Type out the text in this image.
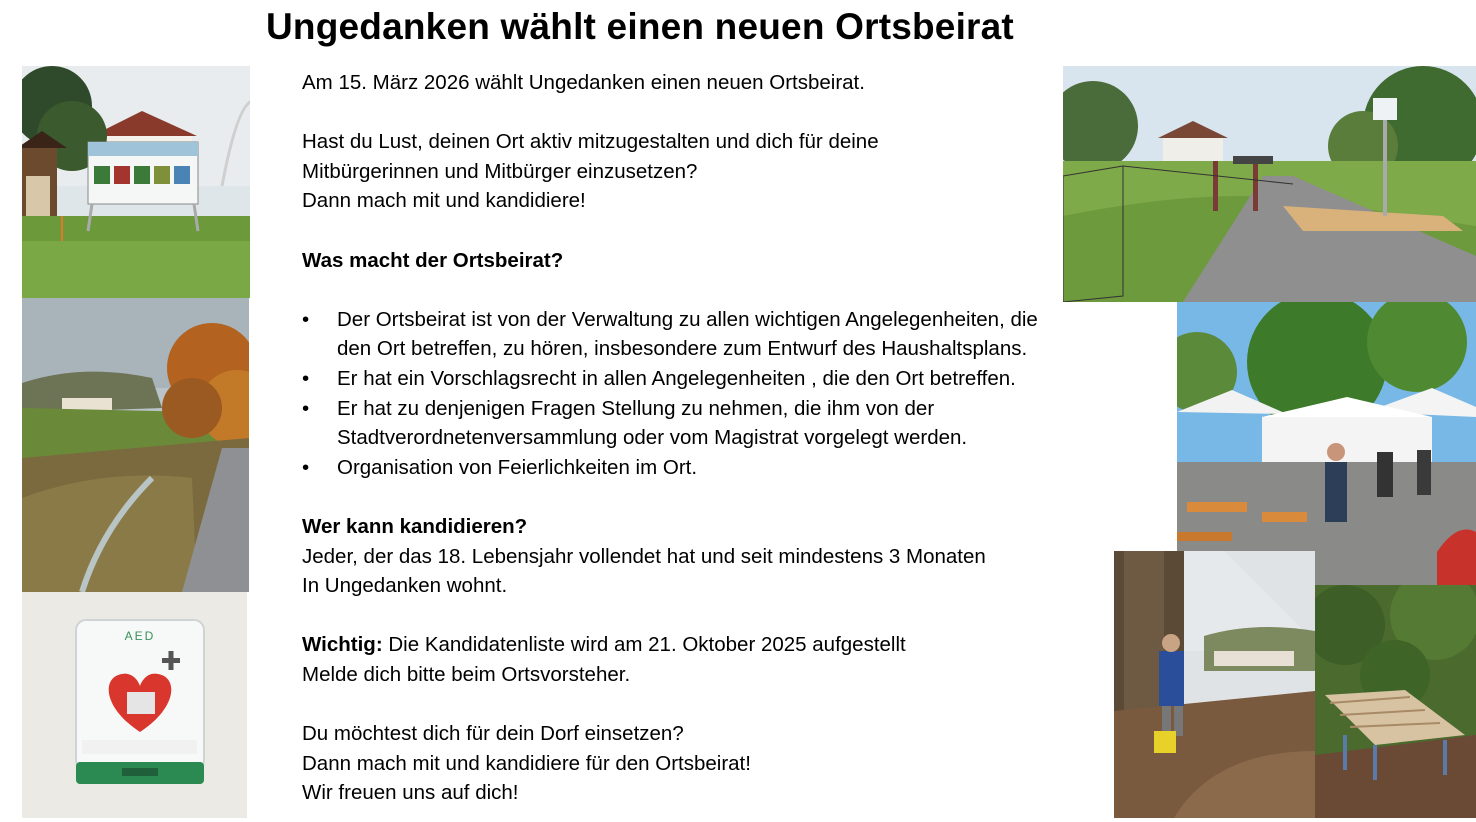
Ungedanken wählt einen neuen Ortsbeirat

Am 15. März 2026 wählt Ungedanken einen neuen Ortsbeirat.

Hast du Lust, deinen Ort aktiv mitzugestalten und dich für deine

Mitbürgerinnen und Mitbürger einzusetzen?

Dann mach mit und kandidiere!

Was macht der Ortsbeirat?

• Der Ortsbeirat ist von der Verwaltung zu allen wichtigen Angelegenheiten, die

den Ort betreffen, zu hören, insbesondere zum Entwurf des Haushaltsplans.

• Er hat ein Vorschlagsrecht in allen Angelegenheiten , die den Ort betreffen.

• Er hat zu denjenigen Fragen Stellung zu nehmen, die ihm von der

Stadtverordnetenversammlung oder vom Magistrat vorgelegt werden.

• Organisation von Feierlichkeiten im Ort.

Wer kann kandidieren?

Jeder, der das 18. Lebensjahr vollendet hat und seit mindestens 3 Monaten

In Ungedanken wohnt.

Wichtig: Die Kandidatenliste wird am 21. Oktober 2025 aufgestellt

Melde dich bitte beim Ortsvorsteher.

Du möchtest dich für dein Dorf einsetzen?

Dann mach mit und kandidiere für den Ortsbeirat!

Wir freuen uns auf dich!

AED
